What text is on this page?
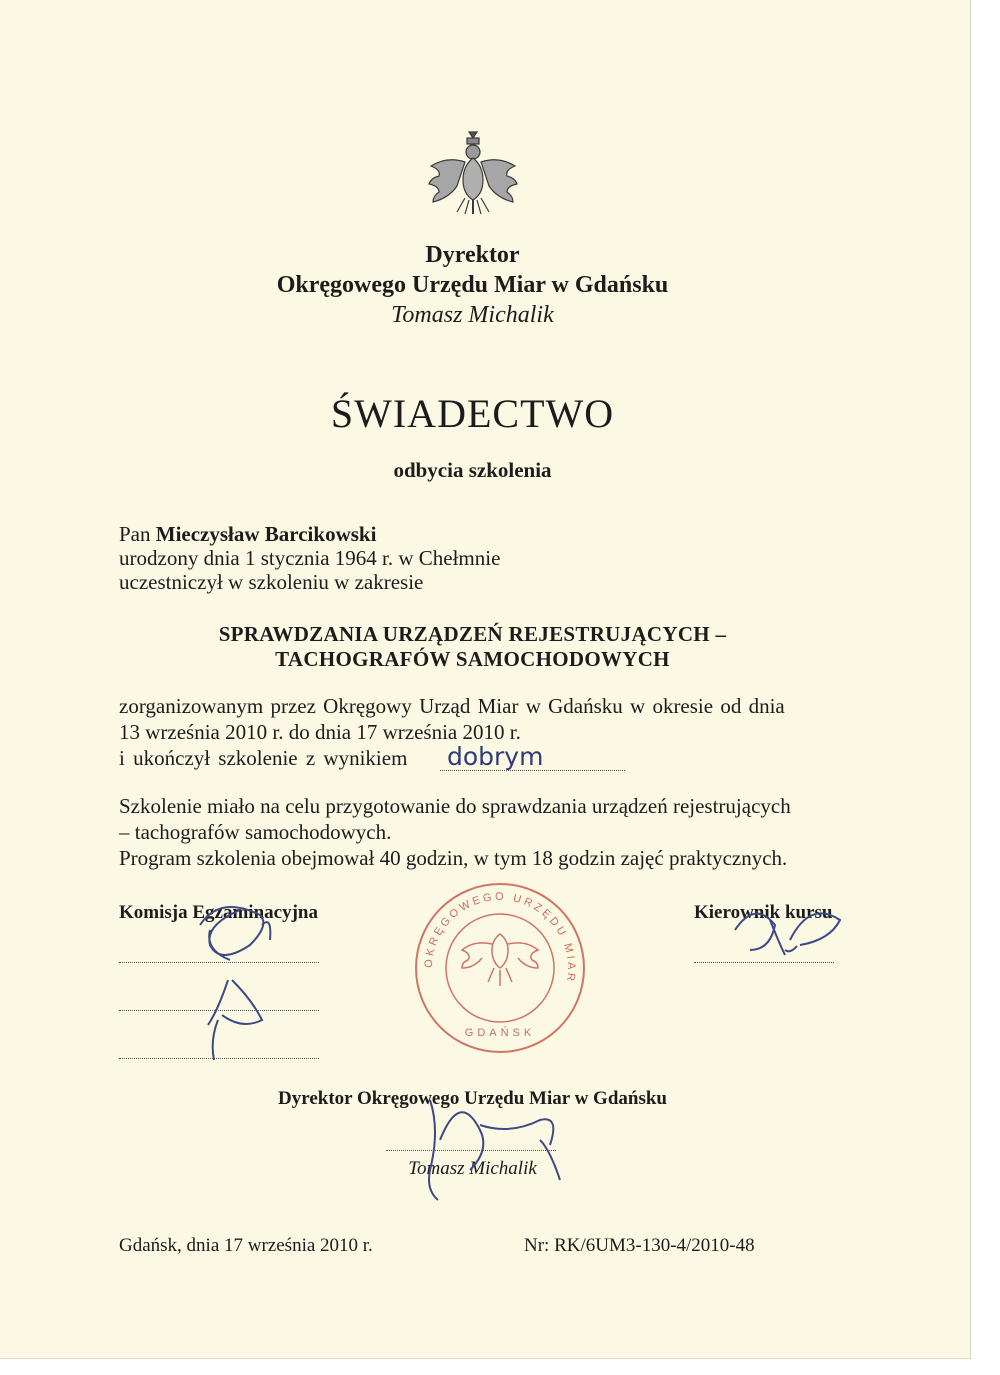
Dyrektor
Okręgowego Urzędu Miar w Gdańsku
Tomasz Michalik
ŚWIADECTWO
odbycia szkolenia
Pan Mieczysław Barcikowski
urodzony dnia 1 stycznia 1964 r. w Chełmnie
uczestniczył w szkoleniu w zakresie
SPRAWDZANIA URZĄDZEŃ REJESTRUJĄCYCH –
TACHOGRAFÓW SAMOCHODOWYCH
zorganizowanym przez Okręgowy Urząd Miar w Gdańsku w okresie od dnia
13 września 2010 r. do dnia 17 września 2010 r.
i ukończył szkolenie z wynikiem dobrym
Szkolenie miało na celu przygotowanie do sprawdzania urządzeń rejestrujących
– tachografów samochodowych.
Program szkolenia obejmował 40 godzin, w tym 18 godzin zajęć praktycznych.
Komisja Egzaminacyjna	Kierownik kursu
OKRĘGOWEGO URZĘDU MIAR
GDAŃSK
Dyrektor Okręgowego Urzędu Miar w Gdańsku
Tomasz Michalik
Gdańsk, dnia 17 września 2010 r.	Nr: RK/6UM3-130-4/2010-48
